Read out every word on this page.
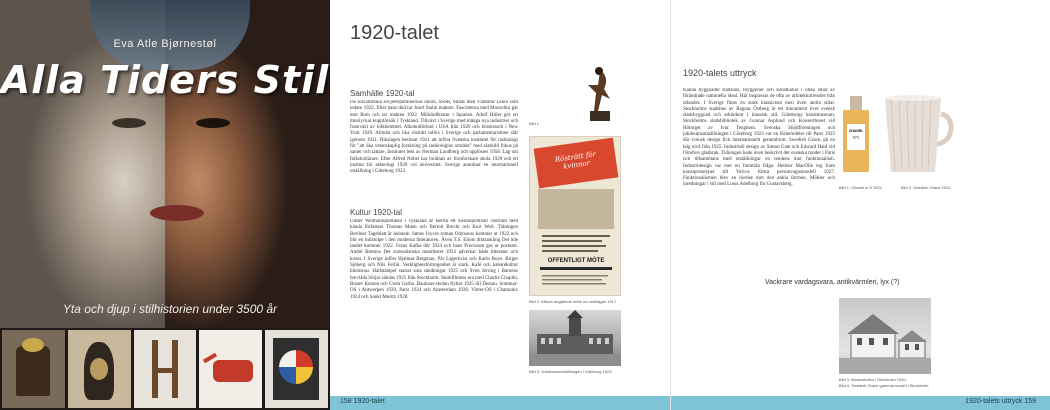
Eva Atle Bjørnestøl
Alla Tiders Stil
Yta och djup i stilhistorien under 3500 år
1920-talet
Samhälle 1920-tal
De socialistiska sovjetrepublikernas union, SSSR, bildas med Vladimir Lenin som ledare 1922. Efter hans död tar Josef Stalin makten. Fascisterna med Mussolini går mot Rom och tar makten 1922. Militärdiktatur i Spanien. Adolf Hitler gör ett misslyckat kuppförsök i Tyskland. Tillväxt i Sverige med många nya industrier och framväxt av folkhemmet. Alkoholförbud i USA från 1920 och börskrasch i New York 1929. Allmän och lika rösträtt införs i Sverige och parlamentarismen slår igenom 1921. Rikslagen beslutar 1921 att införa Svenska institutet för rasbiologi för "att öka vetenskaplig forskning på rasbiologins område" med särskild fokus på samer och tattare. Institutet leds av Herman Lundborg och upplöstes 1958. Lag om folkskollärare. Efter Alfred Nobel har inrättats av fornforskare skola 1920 och ett institut för arkeologi 1920 vid universitet. Sverige anordnar en internationell utställning i Göteborg 1923.
Kultur 1920-tal
Under Weimarrepubliken i Tyskland är Berlin ett kosmopolitiskt centrum med kända författare Thomas Mann och Bertolt Brecht och Kurt Weil. Tidningen Berliner Tageblatt är ledande. James Joyces roman Odysseus kommer ut 1922 och blir en milstolpe i den moderna litteraturen. Även T.S. Eliots diktsamling Det öde landet kommer 1922. Franz Kafka dör 1924 och hans Processen ges ut postumt. André Bretons Det surrealistiska manifestet 1924 påverkar både litteratur och konst. I Sverige införs Hjalmar Bergman, Pär Lagerkvist och Karin Boye. Birger Sjöberg och Nils Ferlin. Verklighetsförtrogenhet är stark. Kafé och kabarékultur blomstrar. Hallstämpel startar sina sändningar 1925 och Sven Jerring i Barnens brevlåda börjar sändas 1925 från Stockholm. Stumfilmens era med Charlie Chaplin, Buster Keaton och Greta Garbo. Bauhaus-skolan flyttar 1925 till Dessau. Sommar-OS i Antwerpen 1920, Paris 1924 och Amsterdam 1928. Vinter-OS i Chamonix 1924 och Sankt Moritz 1928.
Bild 1
Rösträtt för kvinnor
OFFENTLIGT MÖTE
Bild 2. Affisch angående möte om tullfrågan 1917.
Bild 3. Jubileumsutställningen i Göteborg 1923.
158 1920-talet
1920-talets uttryck
Kända byggnader stadshus, bryggerier och konsthallar i olika stilar av förändrade nationella ideal. Här inspireras de ofta av arkitekturtrender från utlandet. I Sverige finns en stark klassicism men även andra stilar. Stockholms stadshus av Ragnar Östberg är ett monument över svensk stadsbyggnad och arkitektur i klassisk stil. Göteborgs konstmuseum, Stockholms stadsbibliotek av Gunnar Asplund och Konserthuset vid Hötorget av Ivar Tengbom. Svenska Slöjdföreningen och jubileumsutställningen i Göteborg 1923 var en förberedelse till Paris 1925 där svensk design fick internationellt genombrott. Swedish Grace, på en hög nivå från 1925. Industriell design av Simon Gate och Edward Hald vid Orrefors glasbruk. Tidningen hade även beskrivit det svenska modet i Paris och tillsammans med utställningar en tendens mot funktionalism. Industridesign var mer en framtida fråga. Helmer MacOlle tog fram konstprototyper till Volvos första personvagnsmodell 1927. Funktionalismen blev en rörelse mot den enkla formen. Möbler och inredningar i stil med Louis Adelborg för Gustavsberg.
CHANEL
N°5
Bild 1. Chanel nr 5 1921.	Bild 2. Swedish Grace 2014.
Vackrare vardagsvara, antikvärmleri, lyx (?)
Bild 3. Bostadsvillor i Stockholm 1920.
Bild 4. Swedish Grace gammal modell i Stockholm.
1920-talets uttryck 159
